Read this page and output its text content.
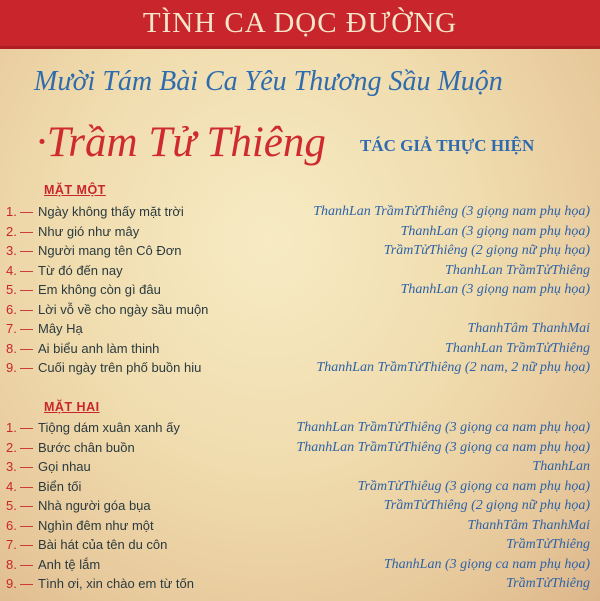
TÌNH CA DỌC ĐƯỜNG
Mười Tám Bài Ca Yêu Thương Sầu Muộn
·Trầm Tử Thiêng TÁC GIẢ THỰC HIỆN
MẶT MỘT
1. — Ngày không thấy mặt trời	ThanhLan TrầmTửThiêng (3 giọng nam phụ họa)
2. — Như gió như mây	ThanhLan (3 giọng nam phụ họa)
3. — Người mang tên Cô Đơn	TrầmTửThiêng (2 giọng nữ phụ họa)
4. — Từ đó đến nay	ThanhLan TrầmTửThiêng
5. — Em không còn gì đâu	ThanhLan (3 giọng nam phụ họa)
6. — Lời vỗ về cho ngày sầu muộn
7. — Mây Hạ	ThanhTâm ThanhMai
8. — Ai biểu anh làm thinh	ThanhLan TrầmTửThiêng
9. — Cuối ngày trên phố buồn hiu	ThanhLan TrầmTửThiêng (2 nam, 2 nữ phụ họa)
MẶT HAI
1. — Tiộng dám xuân xanh ấy	ThanhLan TrầmTửThiêng (3 giọng ca nam phụ họa)
2. — Bước chân buồn	ThanhLan TrầmTửThiêng (3 giọng ca nam phụ họa)
3. — Gọi nhau	ThanhLan
4. — Biển tối	TrầmTửThiêug (3 giọng ca nam phụ họa)
5. — Nhà người góa bụa	TrầmTửThiêng (2 giọng nữ phụ họa)
6. — Nghìn đêm như một	ThanhTâm ThanhMai
7. — Bài hát của tên du côn	TrầmTửThiêng
8. — Anh tệ lắm	ThanhLan (3 giọng ca nam phụ họa)
9. — Tình ơi, xin chào em từ tốn	TrầmTửThiêng
